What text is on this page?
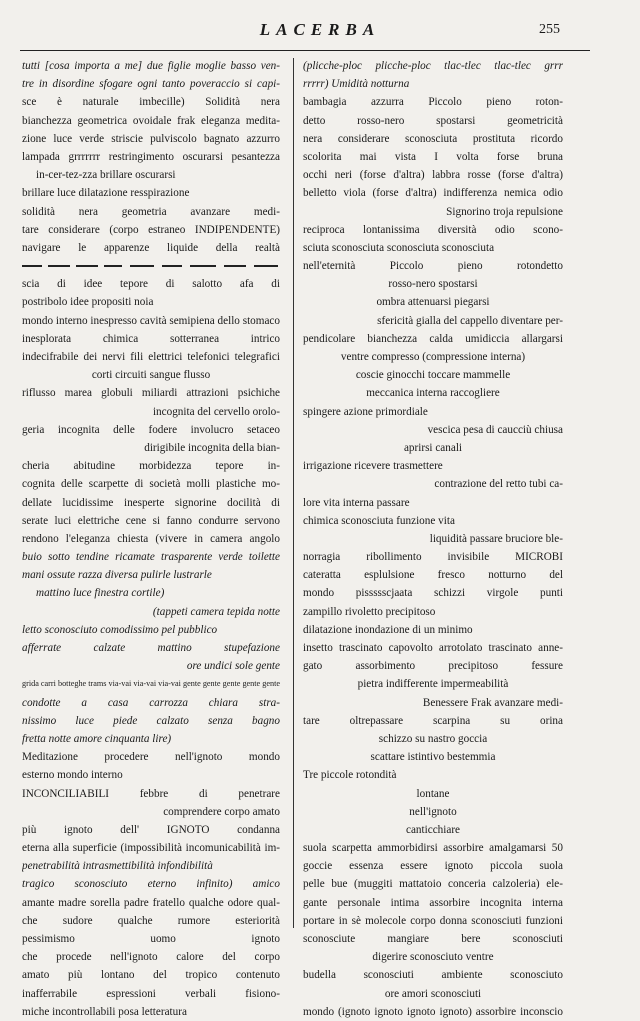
LACERBA	255
tutti [cosa importa a me] due figlie moglie basso ven-
tre in disordine sfogare ogni tanto poveraccio si capi-
sce è naturale imbecille) Solidità nera
bianchezza geometrica ovoidale frak eleganza medita-
zione luce verde striscie pulviscolo bagnato azzurro
lampada grrrrrrr restringimento oscurarsi pesantezza
in-cer-tez-zza brillare oscurarsi
brillare luce dilatazione resspirazione
solidità nera geometria avanzare medi-
tare considerare (corpo estraneo INDIPENDENTE)
navigare le apparenze liquide della realtà
scia di idee tepore di salotto afa di
postribolo idee propositi noia
mondo interno inespresso cavità semipiena dello stomaco
inesplorata chimica sotterranea intrico
indecifrabile dei nervi fili elettrici telefonici telegrafici
corti circuiti sangue flusso
riflusso marea globuli miliardi attrazioni psichiche
incognita del cervello orolo-
geria incognita delle fodere involucro setaceo
dirigibile incognita della bian-
cheria abitudine morbidezza tepore in-
cognita delle scarpette di società molli plastiche mo-
dellate lucidissime inesperte signorine docilità di
serate luci elettriche cene si fanno condurre servono
rendono l'eleganza chiesta (vivere in camera angolo
buio sotto tendine ricamate trasparente verde toilette
mani ossute razza diversa pulirle lustrarle
mattino luce finestra cortile)
(tappeti camera tepida notte
letto sconosciuto comodissimo pel pubblico
afferrate calzate mattino stupefazione
ore undici sole gente
grida carri botteghe trams via-vai via-vai via-vai gente gente gente gente gente
condotte a casa carrozza chiara stra-
nissimo luce piede calzato senza bagno
fretta notte amore cinquanta lire)
Meditazione procedere nell'ignoto mondo
esterno mondo interno
INCONCILIABILI febbre di penetrare
comprendere corpo amato
più ignoto dell' IGNOTO condanna
eterna alla superficie (impossibilità incomunicabilità im-
penetrabilità intrasmettibilità infondibilità
tragico sconosciuto eterno infinito) amico
amante madre sorella padre fratello qualche odore qual-
che sudore qualche rumore esteriorità
pessimismo uomo ignoto
che procede nell'ignoto calore del corpo
amato più lontano del tropico contenuto
inafferrabile espressioni verbali fisiono-
miche incontrollabili posa letteratura
(plicche-ploc plicche-ploc tlac-tlec tlac-tlec grrr
rrrrr) Umidità notturna
bambagia azzurra Piccolo pieno roton-
detto rosso-nero spostarsi geometricità
nera considerare sconosciuta prostituta ricordo
scolorita mai vista I volta forse bruna
occhi neri (forse d'altra) labbra rosse (forse d'altra)
belletto viola (forse d'altra) indifferenza nemica odio
Signorino troja repulsione
reciproca lontanissima diversità odio scono-
sciuta sconosciuta sconosciuta sconosciuta
nell'eternità Piccolo pieno rotondetto
rosso-nero spostarsi
ombra attenuarsi piegarsi
sfericità gialla del cappello diventare per-
pendicolare bianchezza calda umidiccia allargarsi
ventre compresso (compressione interna)
coscie ginocchi toccare mammelle
meccanica interna raccogliere
spingere azione primordiale
vescica pesa di caucciù chiusa
aprirsi canali
irrigazione ricevere trasmettere
contrazione del retto tubi ca-
lore vita interna passare
chimica sconosciuta funzione vita
liquidità passare bruciore ble-
norragia ribollimento invisibile MICROBI
cateratta esplulsione fresco notturno del
mondo pissssscjaata schizzi virgole punti
zampillo rivoletto precipitoso
dilatazione inondazione di un minimo
insetto trascinato capovolto arrotolato trascinato anne-
gato assorbimento precipitoso fessure
pietra indifferente impermeabilità
Benessere Frak avanzare medi-
tare oltrepassare scarpina su orina
schizzo su nastro goccia
scattare istintivo bestemmia
Tre piccole rotondità
lontane
nell'ignoto
canticchiare
suola scarpetta ammorbidirsi assorbire amalgamarsi 50
goccie essenza essere ignoto piccola suola
pelle bue (muggiti mattatoio conceria calzoleria) ele-
gante personale intima assorbire incognita interna
portare in sè molecole corpo donna sconosciuti funzioni
sconosciute mangiare bere sconosciuti
digerire sconosciuto ventre
budella sconosciuti ambiente sconosciuto
ore amori sconosciuti
mondo (ignoto ignoto ignoto ignoto) assorbire inconscio
